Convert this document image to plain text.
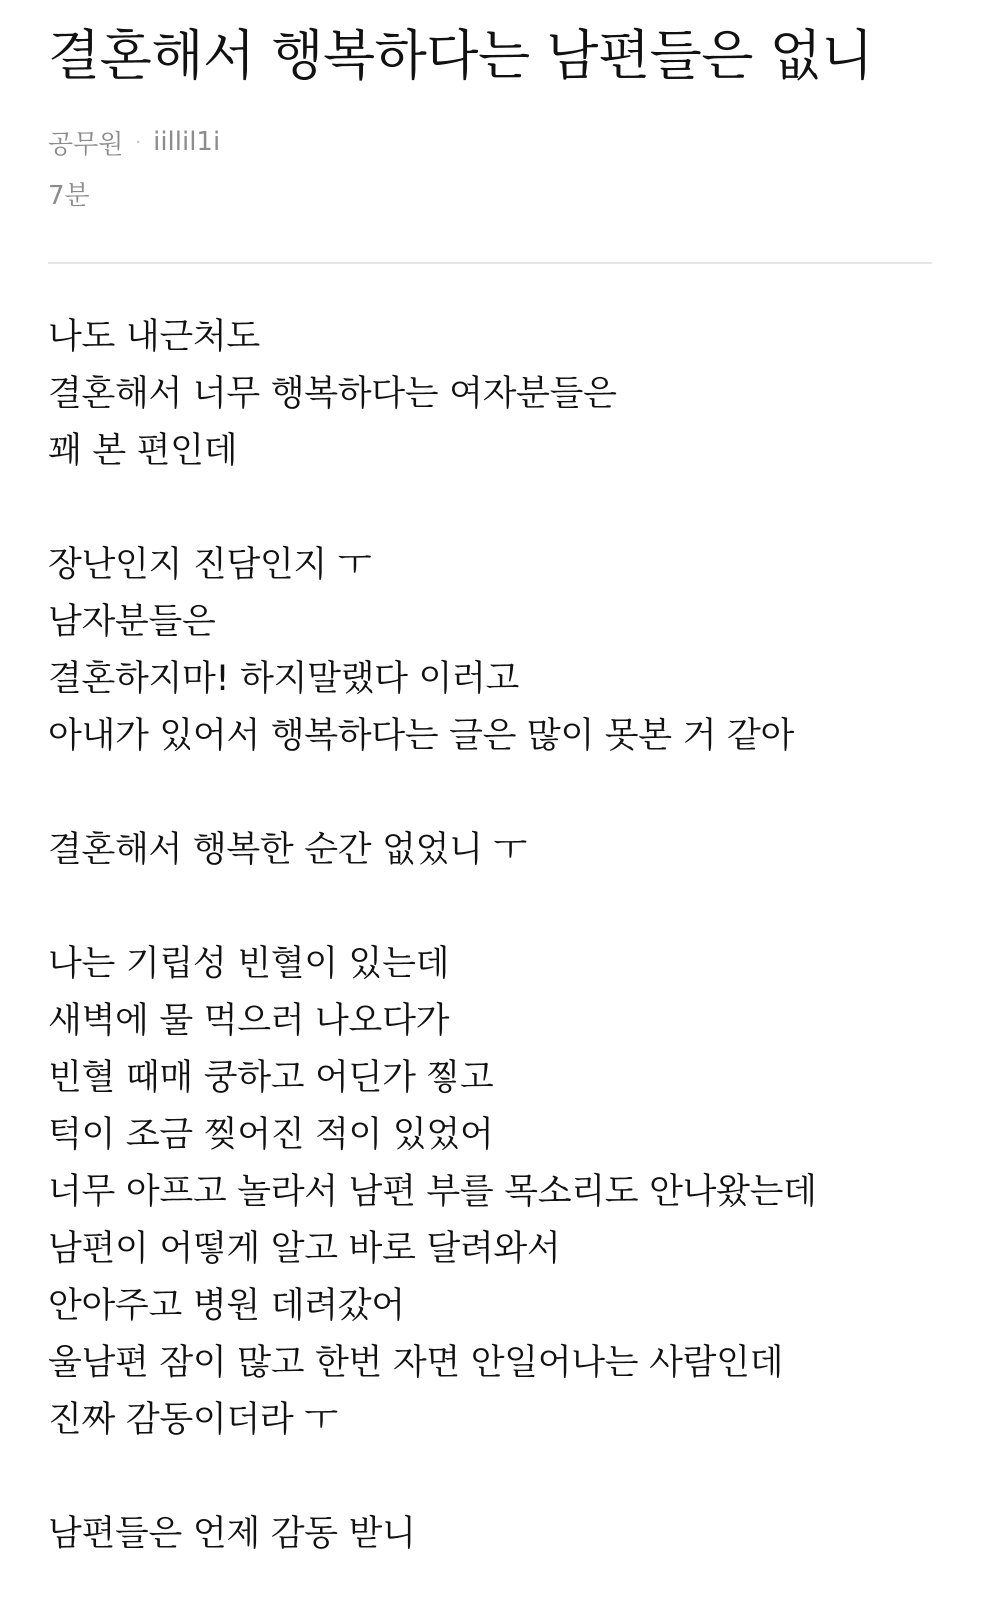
결혼해서 행복하다는 남편들은 없니
공무원 · iillil1i
7분
나도 내근처도
결혼해서 너무 행복하다는 여자분들은
꽤 본 편인데
장난인지 진담인지 ㅜ
남자분들은
결혼하지마! 하지말랬다 이러고
아내가 있어서 행복하다는 글은 많이 못본 거 같아
결혼해서 행복한 순간 없었니 ㅜ
나는 기립성 빈혈이 있는데
새벽에 물 먹으러 나오다가
빈혈 때매 쿵하고 어딘가 찧고
턱이 조금 찢어진 적이 있었어
너무 아프고 놀라서 남편 부를 목소리도 안나왔는데
남편이 어떻게 알고 바로 달려와서
안아주고 병원 데려갔어
울남편 잠이 많고 한번 자면 안일어나는 사람인데
진짜 감동이더라 ㅜ
남편들은 언제 감동 받니
